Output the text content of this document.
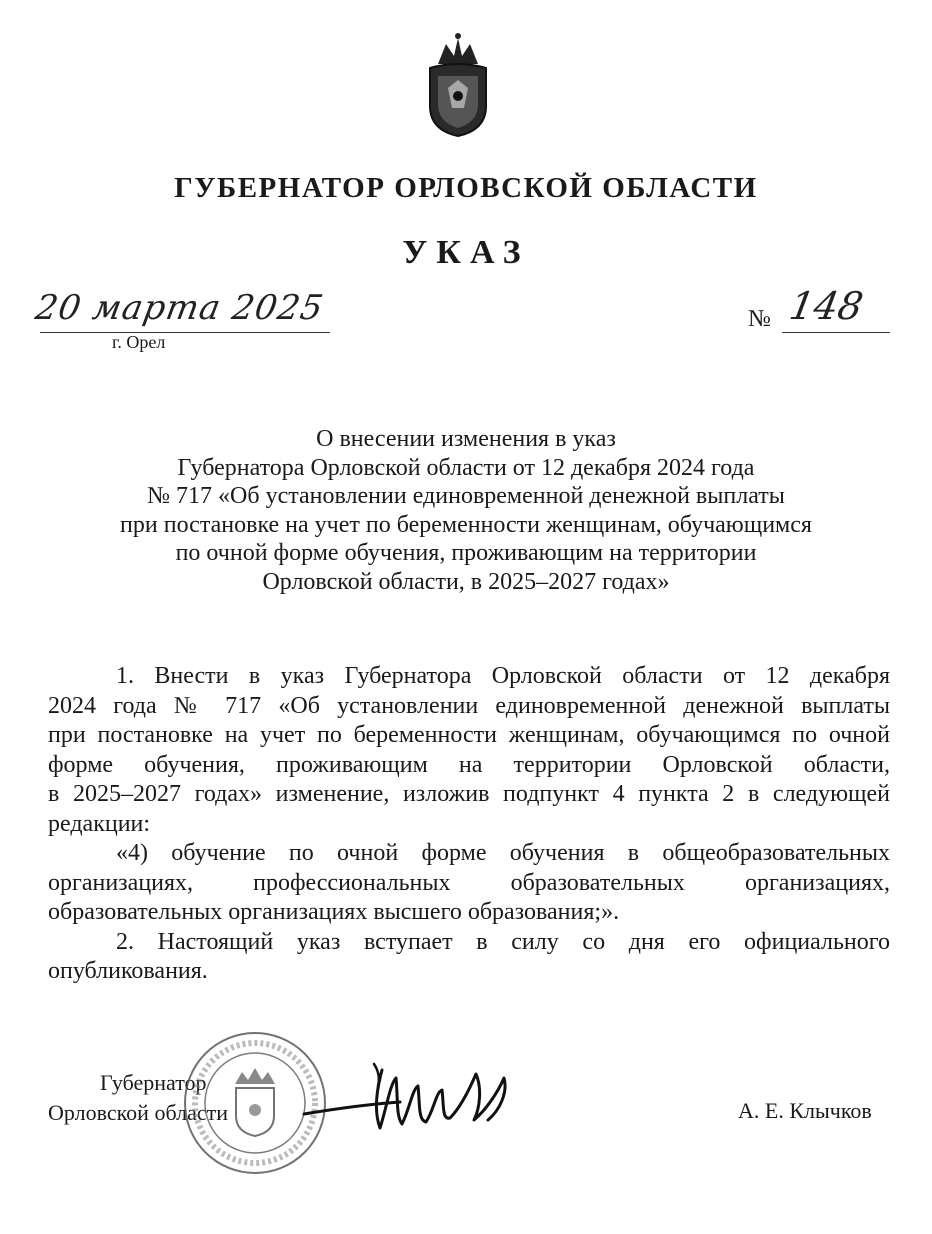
ГУБЕРНАТОР ОРЛОВСКОЙ ОБЛАСТИ
УКАЗ
20 марта 2025
г. Орел
№ 148
О внесении изменения в указ
Губернатора Орловской области от 12 декабря 2024 года
№ 717 «Об установлении единовременной денежной выплаты
при постановке на учет по беременности женщинам, обучающимся
по очной форме обучения, проживающим на территории
Орловской области, в 2025–2027 годах»
1. Внести в указ Губернатора Орловской области от 12 декабря
2024 года № 717 «Об установлении единовременной денежной выплаты
при постановке на учет по беременности женщинам, обучающимся по очной
форме обучения, проживающим на территории Орловской области,
в 2025–2027 годах» изменение, изложив подпункт 4 пункта 2 в следующей
редакции:
«4) обучение по очной форме обучения в общеобразовательных
организациях, профессиональных образовательных организациях,
образовательных организациях высшего образования;».
2. Настоящий указ вступает в силу со дня его официального
опубликования.
Губернатор
Орловской области	А. Е. Клычков
